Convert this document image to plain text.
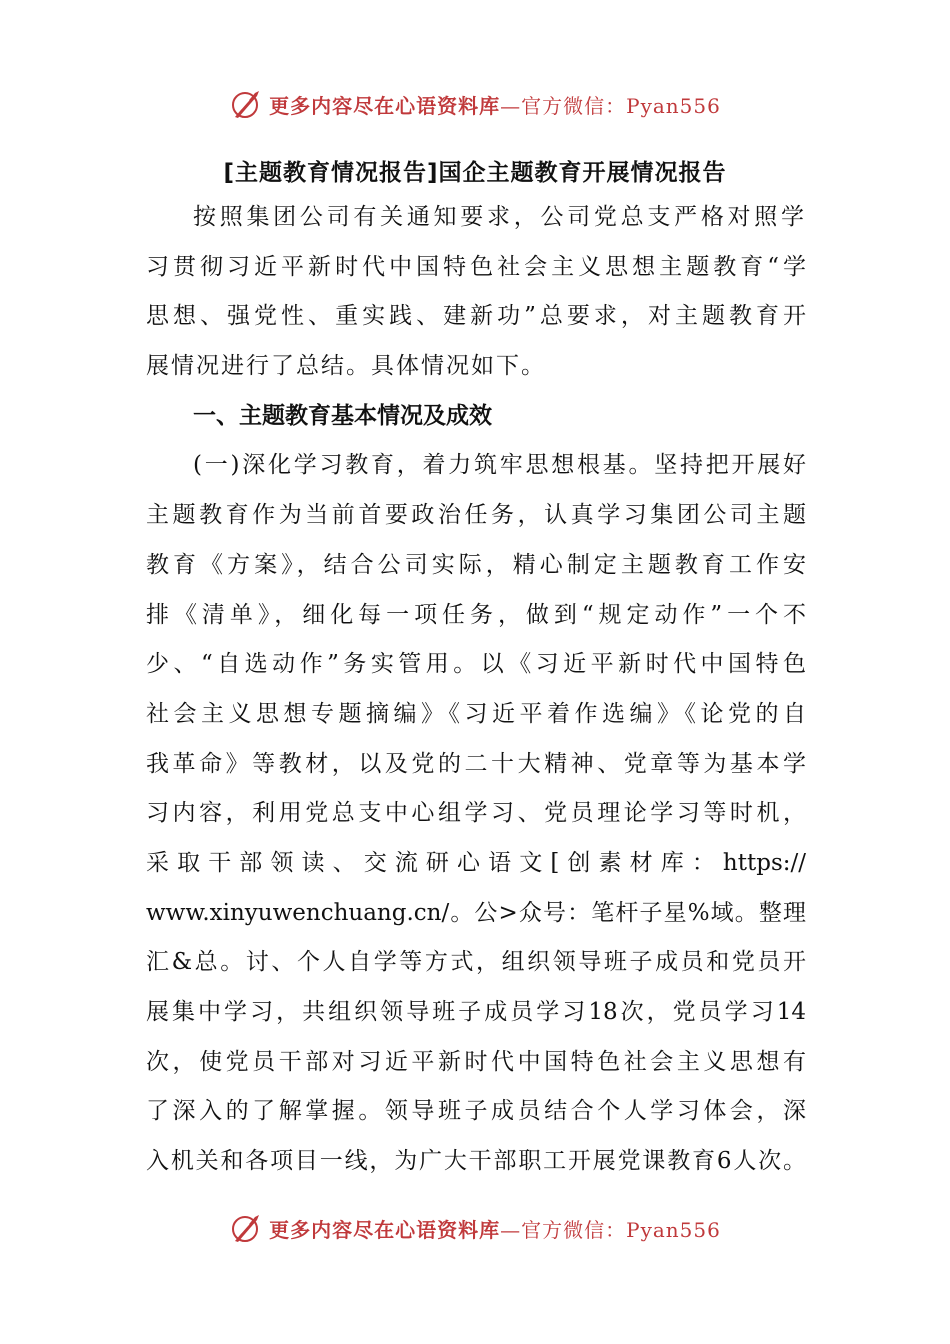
更多内容尽在心语资料库—官方微信：Pyan556
[主题教育情况报告]国企主题教育开展情况报告
按照集团公司有关通知要求，公司党总支严格对照学
习贯彻习近平新时代中国特色社会主义思想主题教育“学
思想、强党性、重实践、建新功”总要求，对主题教育开
展情况进行了总结。具体情况如下。
一、主题教育基本情况及成效
(一)深化学习教育，着力筑牢思想根基。坚持把开展好
主题教育作为当前首要政治任务，认真学习集团公司主题
教育《方案》，结合公司实际，精心制定主题教育工作安
排《清单》，细化每一项任务，做到“规定动作”一个不
少、“自选动作”务实管用。以《习近平新时代中国特色
社会主义思想专题摘编》《习近平着作选编》《论党的自
我革命》等教材，以及党的二十大精神、党章等为基本学
习内容，利用党总支中心组学习、党员理论学习等时机，
采取干部领读、交流研心语文[创素材库：https://
www.xinyuwenchuang.cn/。公>众号：笔杆子星%域。整理
汇&总。讨、个人自学等方式，组织领导班子成员和党员开
展集中学习，共组织领导班子成员学习18次，党员学习14
次，使党员干部对习近平新时代中国特色社会主义思想有
了深入的了解掌握。领导班子成员结合个人学习体会，深
入机关和各项目一线，为广大干部职工开展党课教育6人次。
更多内容尽在心语资料库—官方微信：Pyan556
